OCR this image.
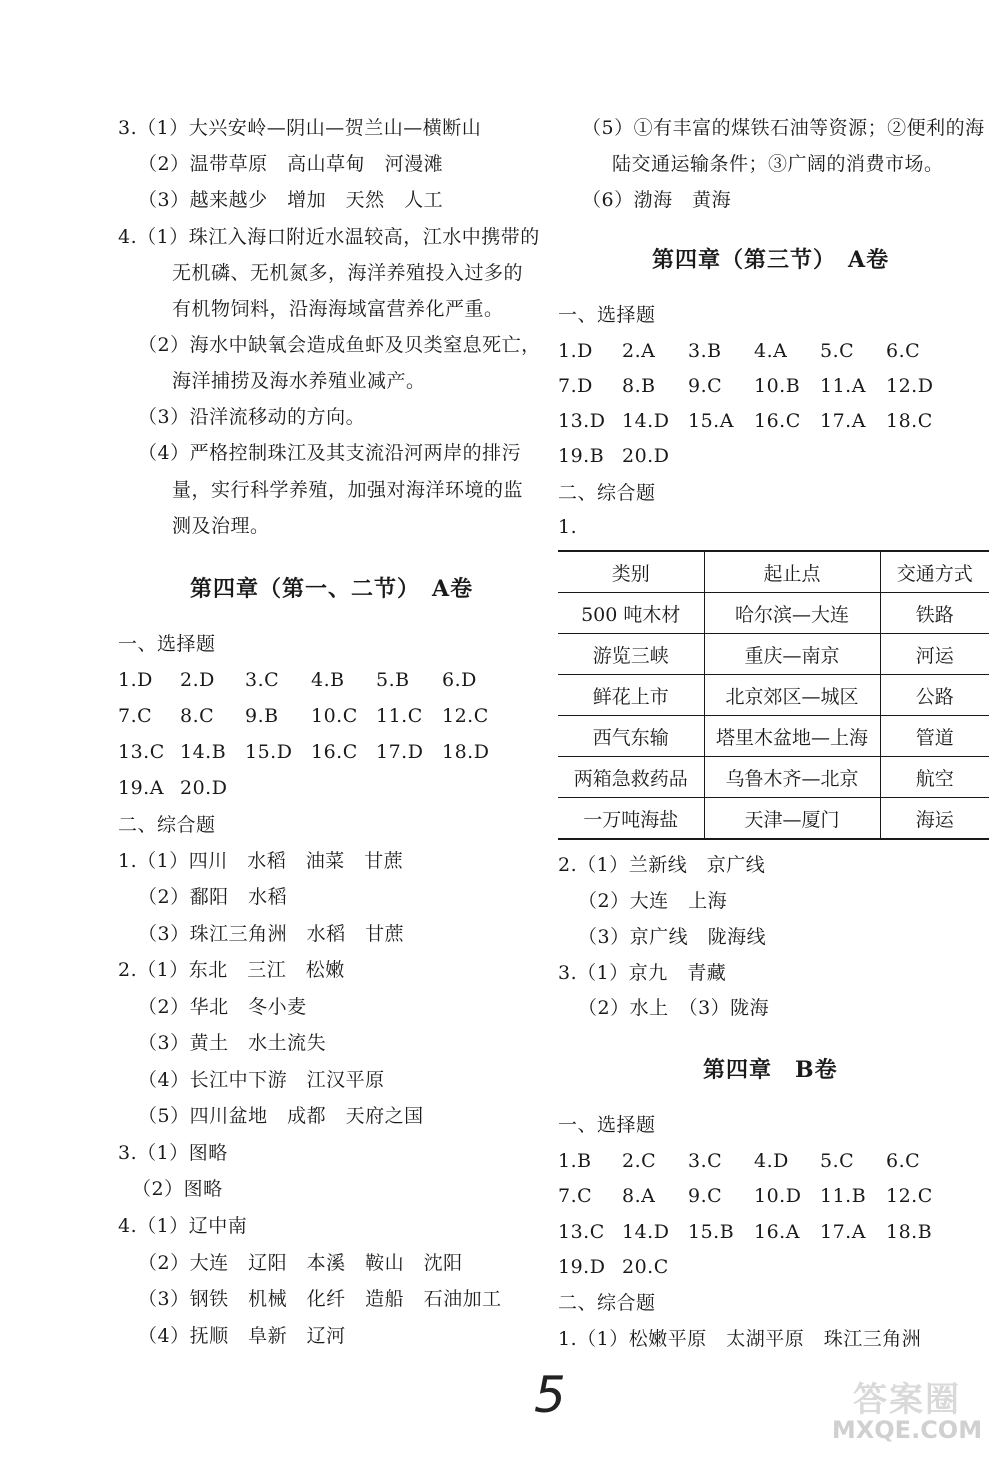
3.（1）大兴安岭—阴山—贺兰山—横断山
（2）温带草原　高山草甸　河漫滩
（3）越来越少　增加　天然　人工
4.（1）珠江入海口附近水温较高，江水中携带的
无机磷、无机氮多，海洋养殖投入过多的
有机物饲料，沿海海域富营养化严重。
（2）海水中缺氧会造成鱼虾及贝类窒息死亡，
海洋捕捞及海水养殖业减产。
（3）沿洋流移动的方向。
（4）严格控制珠江及其支流沿河两岸的排污
量，实行科学养殖，加强对海洋环境的监
测及治理。
第四章（第一、二节）　A卷
一、选择题
1.D 2.D 3.C 4.B 5.B 6.D
7.C 8.C 9.B 10.C 11.C 12.C
13.C 14.B 15.D 16.C 17.D 18.D
19.A 20.D
二、综合题
1.（1）四川　水稻　油菜　甘蔗
（2）鄱阳　水稻
（3）珠江三角洲　水稻　甘蔗
2.（1）东北　三江　松嫩
（2）华北　冬小麦
（3）黄土　水土流失
（4）长江中下游　江汉平原
（5）四川盆地　成都　天府之国
3.（1）图略
（2）图略
4.（1）辽中南
（2）大连　辽阳　本溪　鞍山　沈阳
（3）钢铁　机械　化纤　造船　石油加工
（4）抚顺　阜新　辽河
（5）①有丰富的煤铁石油等资源；②便利的海
陆交通运输条件；③广阔的消费市场。
（6）渤海　黄海
第四章（第三节）　A卷
一、选择题
1.D 2.A 3.B 4.A 5.C 6.C
7.D 8.B 9.C 10.B 11.A 12.D
13.D 14.D 15.A 16.C 17.A 18.C
19.B 20.D
二、综合题
1.
类别	起止点	交通方式
500 吨木材	哈尔滨—大连	铁路
游览三峡	重庆—南京	河运
鲜花上市	北京郊区—城区	公路
西气东输	塔里木盆地—上海	管道
两箱急救药品	乌鲁木齐—北京	航空
一万吨海盐	天津—厦门	海运
2.（1）兰新线　京广线
（2）大连　上海
（3）京广线　陇海线
3.（1）京九　青藏
（2）水上　（3）陇海
第四章　B卷
一、选择题
1.B 2.C 3.C 4.D 5.C 6.C
7.C 8.A 9.C 10.D 11.B 12.C
13.C 14.D 15.B 16.A 17.A 18.B
19.D 20.C
二、综合题
1.（1）松嫩平原　太湖平原　珠江三角洲
5	答案圈
MXQE.COM
